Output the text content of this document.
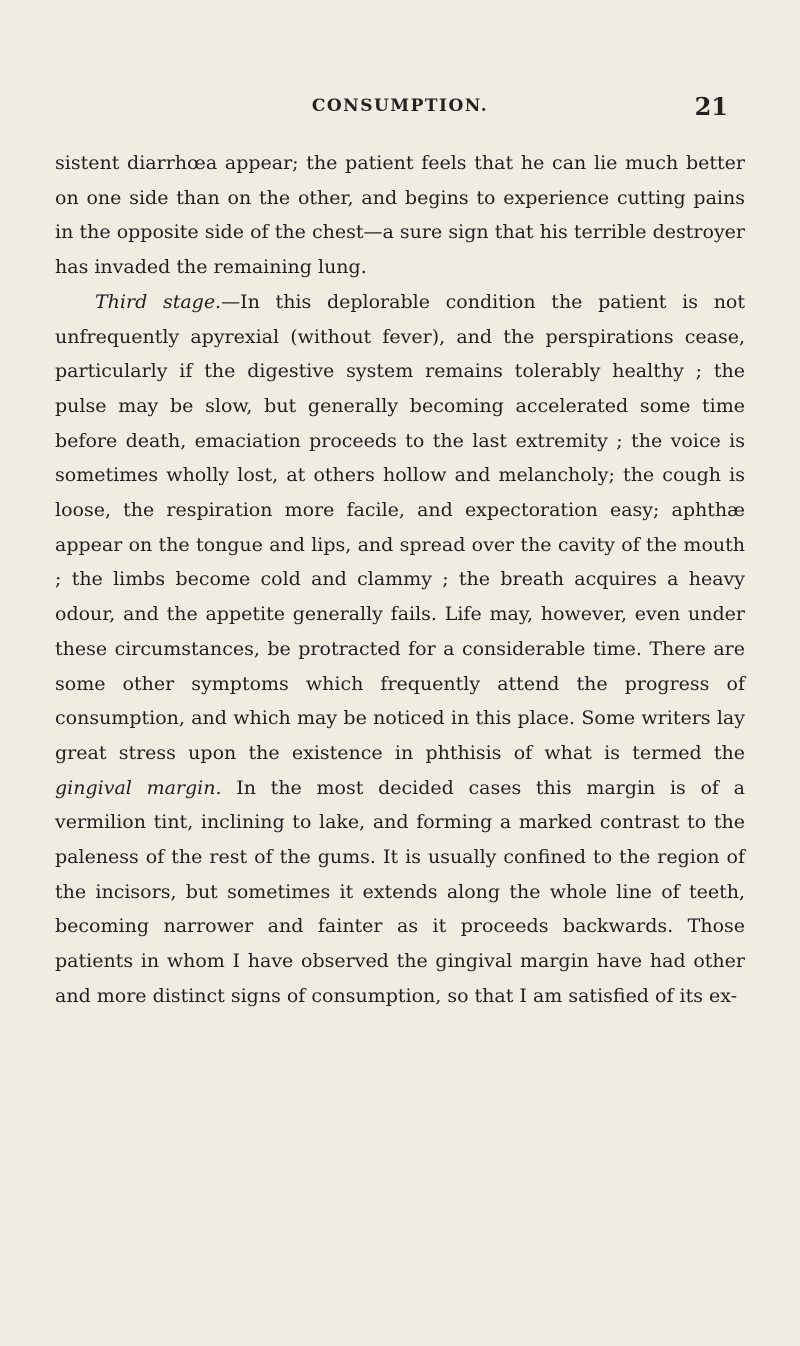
CONSUMPTION.	21

sistent diarrhœa appear; the patient feels that he can lie much better on one side than on the other, and begins to experience cutting pains in the opposite side of the chest—a sure sign that his terrible destroyer has invaded the remaining lung.

Third stage.—In this deplorable condition the patient is not unfrequently apyrexial (without fever), and the perspirations cease, particularly if the digestive system remains tolerably healthy ; the pulse may be slow, but generally becoming accelerated some time before death, emaciation proceeds to the last extremity ; the voice is sometimes wholly lost, at others hollow and melancholy; the cough is loose, the respiration more facile, and expectoration easy; aphthæ appear on the tongue and lips, and spread over the cavity of the mouth ; the limbs become cold and clammy ; the breath acquires a heavy odour, and the appetite generally fails. Life may, however, even under these circumstances, be protracted for a considerable time. There are some other symptoms which frequently attend the progress of consumption, and which may be noticed in this place. Some writers lay great stress upon the existence in phthisis of what is termed the gingival margin. In the most decided cases this margin is of a vermilion tint, inclining to lake, and forming a marked contrast to the paleness of the rest of the gums. It is usually confined to the region of the incisors, but sometimes it extends along the whole line of teeth, becoming narrower and fainter as it proceeds backwards. Those patients in whom I have observed the gingival margin have had other and more distinct signs of consumption, so that I am satisfied of its ex-
